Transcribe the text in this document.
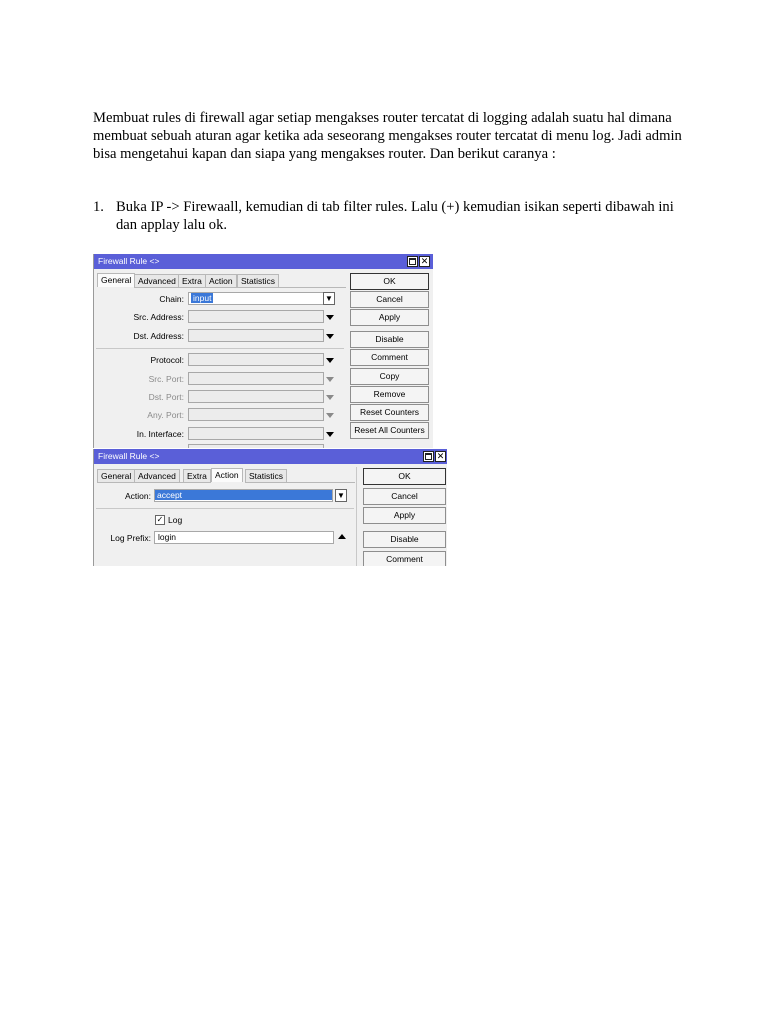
Membuat rules di firewall agar setiap mengakses router tercatat di logging adalah suatu hal dimana membuat sebuah aturan agar ketika ada seseorang mengakses router tercatat di menu log. Jadi admin bisa mengetahui kapan dan siapa yang mengakses router. Dan berikut caranya :
1. Buka IP -> Firewaall, kemudian di tab filter rules. Lalu (+) kemudian isikan seperti dibawah ini dan applay lalu ok.
Firewall Rule <>	✕
General Advanced Extra Action Statistics
Chain: input	▼
Src. Address:
Dst. Address:
Protocol:
Src. Port:
Dst. Port:
Any. Port:
In. Interface:
OK
Cancel
Apply
Disable
Comment
Copy
Remove
Reset Counters
Reset All Counters
Firewall Rule <>	✕
General Advanced	Extra Action	Statistics
Action: accept	▼
✓ Log
Log Prefix: login
OK
Cancel
Apply
Disable
Comment
